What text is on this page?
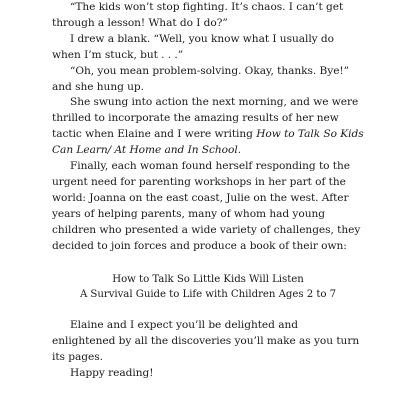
“The kids won’t stop fighting. It’s chaos. I can’t get through a lesson! What do I do?”

I drew a blank. “Well, you know what I usually do when I’m stuck, but . . .”

“Oh, you mean problem-solving. Okay, thanks. Bye!” and she hung up.

She swung into action the next morning, and we were thrilled to incorporate the amazing results of her new tactic when Elaine and I were writing How to Talk So Kids Can Learn/ At Home and In School.

Finally, each woman found herself responding to the urgent need for parenting workshops in her part of the world: Joanna on the east coast, Julie on the west. After years of helping parents, many of whom had young children who presented a wide variety of challenges, they decided to join forces and produce a book of their own:

How to Talk So Little Kids Will Listen
A Survival Guide to Life with Children Ages 2 to 7

Elaine and I expect you’ll be delighted and enlightened by all the discoveries you’ll make as you turn its pages.

Happy reading!
